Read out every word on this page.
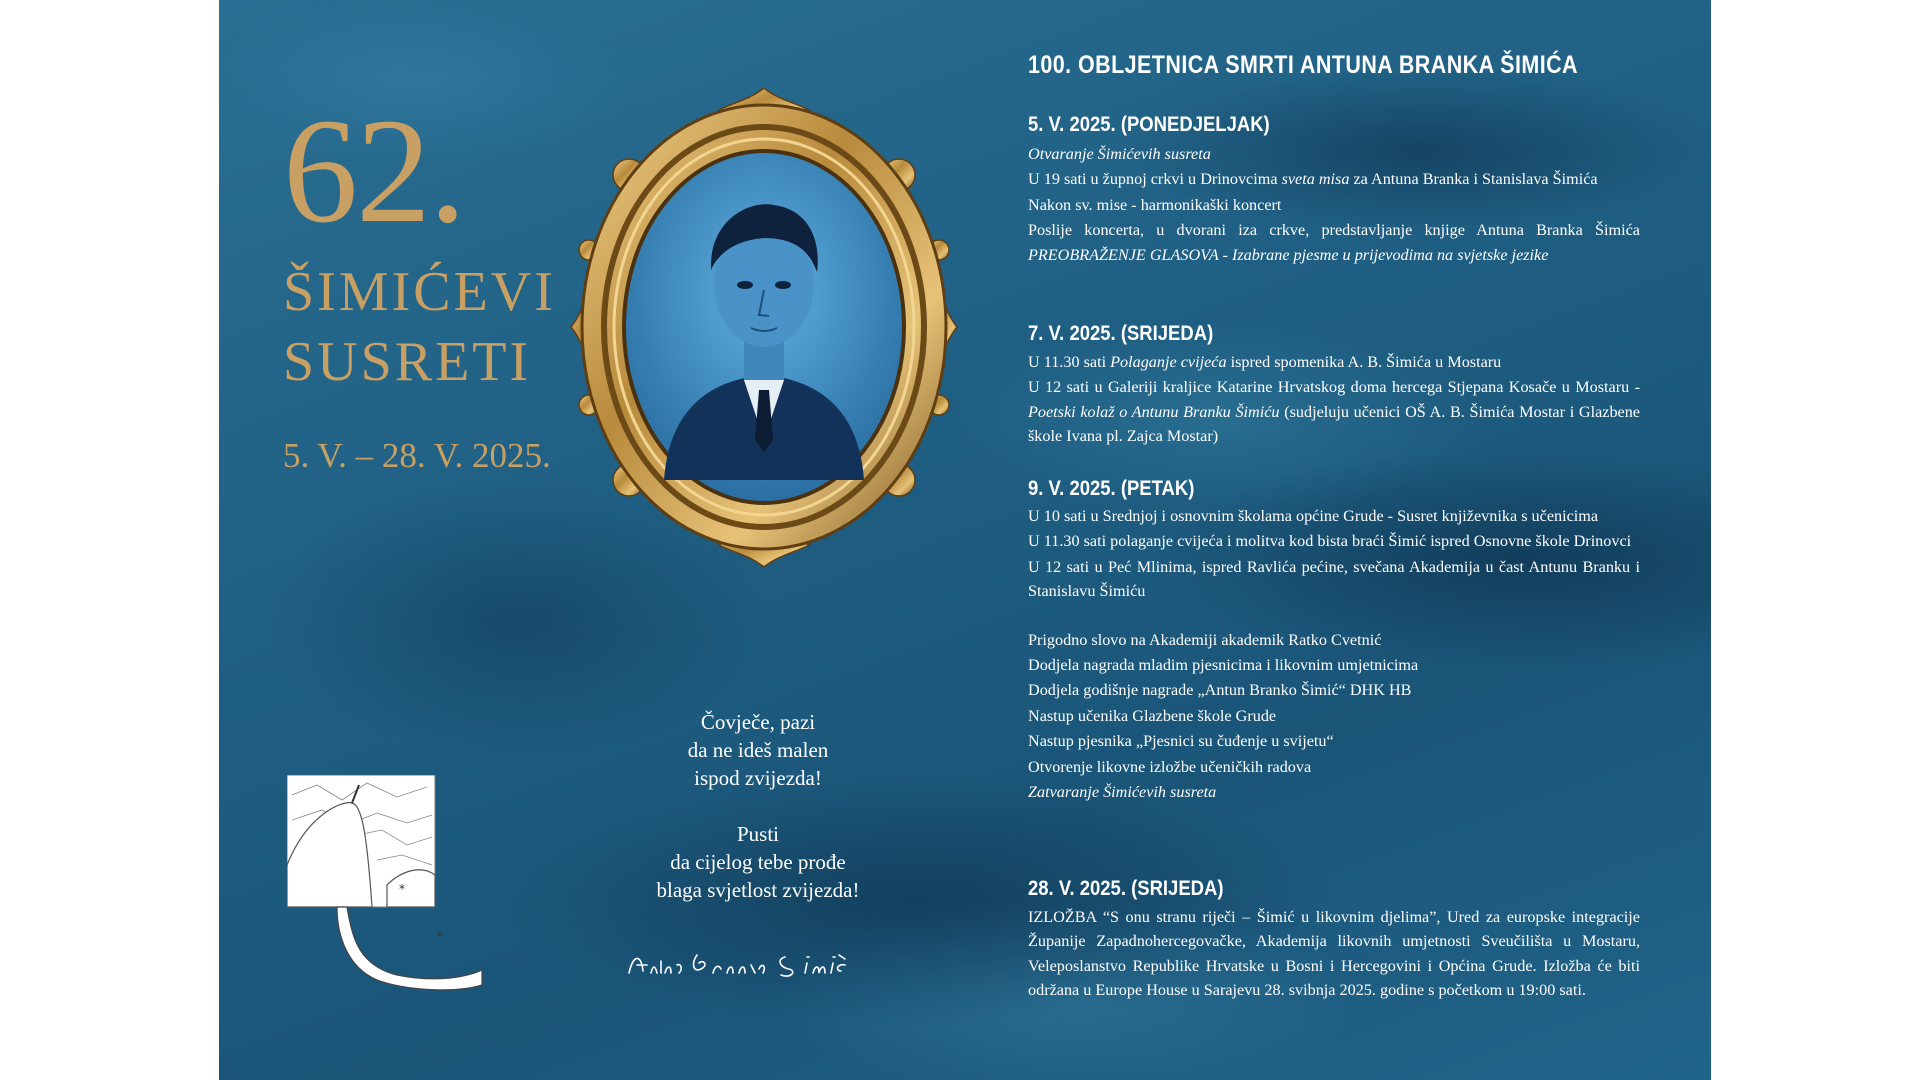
62.
ŠIMIĆEVI
SUSRETI
5. V. – 28. V. 2025.
*
*
Čovječe, pazi
da ne ideš malen
ispod zvijezda!
Pusti
da cijelog tebe prođe
blaga svjetlost zvijezda!
100. OBLJETNICA SMRTI ANTUNA BRANKA ŠIMIĆA
5. V. 2025. (PONEDJELJAK)
Otvaranje Šimićevih susreta
U 19 sati u župnoj crkvi u Drinovcima sveta misa za Antuna Branka i Stanislava Šimića
Nakon sv. mise - harmonikaški koncert
Poslije koncerta, u dvorani iza crkve, predstavljanje knjige Antuna Branka Šimića PREOBRAŽENJE GLASOVA - Izabrane pjesme u prijevodima na svjetske jezike
7. V. 2025. (SRIJEDA)
U 11.30 sati Polaganje cvijeća ispred spomenika A. B. Šimića u Mostaru
U 12 sati u Galeriji kraljice Katarine Hrvatskog doma hercega Stjepana Kosače u Mostaru - Poetski kolaž o Antunu Branku Šimiću (sudjeluju učenici OŠ A. B. Šimića Mostar i Glazbene škole Ivana pl. Zajca Mostar)
9. V. 2025. (PETAK)
U 10 sati u Srednjoj i osnovnim školama općine Grude - Susret književnika s učenicima
U 11.30 sati polaganje cvijeća i molitva kod bista braći Šimić ispred Osnovne škole Drinovci
U 12 sati u Peć Mlinima, ispred Ravlića pećine, svečana Akademija u čast Antunu Branku i Stanislavu Šimiću
Prigodno slovo na Akademiji akademik Ratko Cvetnić
Dodjela nagrada mladim pjesnicima i likovnim umjetnicima
Dodjela godišnje nagrade „Antun Branko Šimić“ DHK HB
Nastup učenika Glazbene škole Grude
Nastup pjesnika „Pjesnici su čuđenje u svijetu“
Otvorenje likovne izložbe učeničkih radova
Zatvaranje Šimićevih susreta
28. V. 2025. (SRIJEDA)
IZLOŽBA “S onu stranu riječi – Šimić u likovnim djelima”, Ured za europske integracije Županije Zapadnohercegovačke, Akademija likovnih umjetnosti Sveučilišta u Mostaru, Veleposlanstvo Republike Hrvatske u Bosni i Hercegovini i Općina Grude. Izložba će biti održana u Europe House u Sarajevu 28. svibnja 2025. godine s početkom u 19:00 sati.
